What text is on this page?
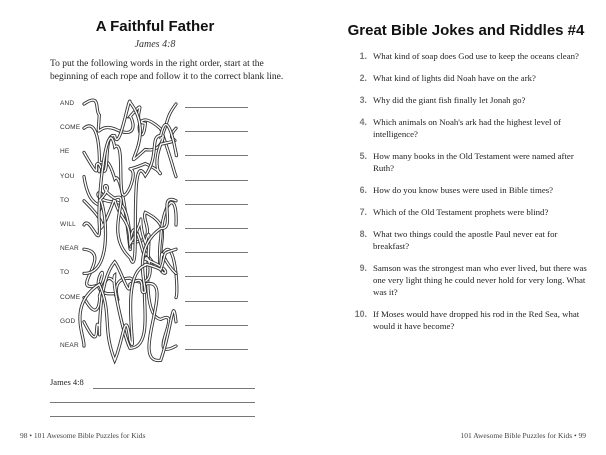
A Faithful Father
James 4:8
To put the following words in the right order, start at the beginning of each rope and follow it to the correct blank line.
AND
COME
HE
YOU
TO
WILL
NEAR
TO
COME
GOD
NEAR
James 4:8
98 • 101 Awesome Bible Puzzles for Kids
Great Bible Jokes and Riddles #4
101 Awesome Bible Puzzles for Kids • 99
1. What kind of soap does God use to keep the oceans clean?
2. What kind of lights did Noah have on the ark?
3. Why did the giant fish finally let Jonah go?
4. Which animals on Noah's ark had the highest level of intelligence?
5. How many books in the Old Testament were named after Ruth?
6. How do you know buses were used in Bible times?
7. Which of the Old Testament prophets were blind?
8. What two things could the apostle Paul never eat for breakfast?
9. Samson was the strongest man who ever lived, but there was one very light thing he could never hold for very long. What was it?
10. If Moses would have dropped his rod in the Red Sea, what would it have become?
